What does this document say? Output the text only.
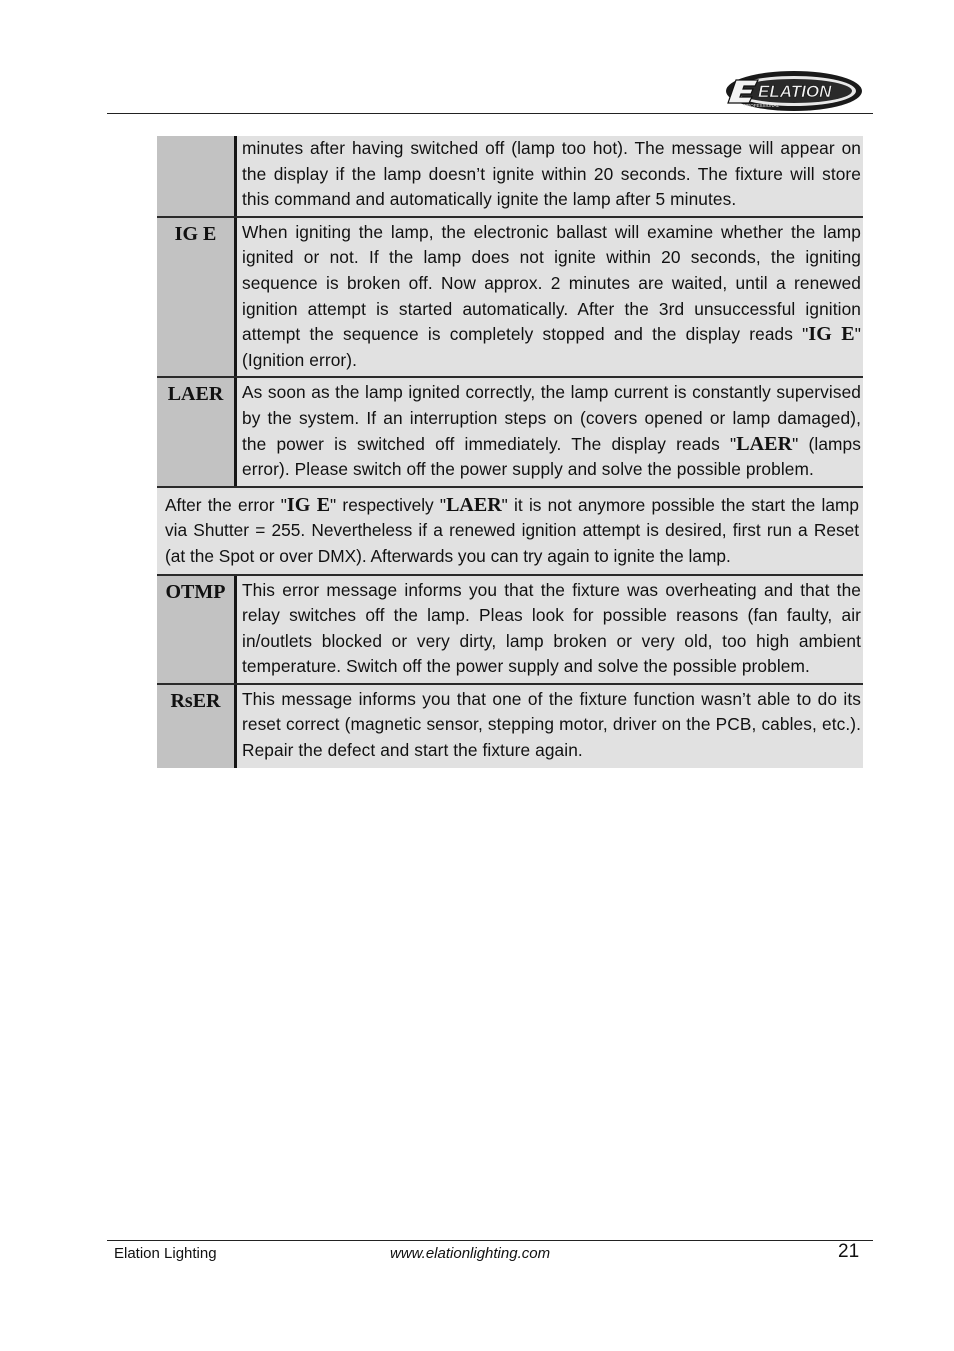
ELATION
PROFESSIONAL
minutes after having switched off (lamp too hot). The message will appear on the display if the lamp doesn’t ignite within 20 seconds. The fixture will store this command and automatically ignite the lamp after 5 minutes.
IG E	When igniting the lamp, the electronic ballast will examine whether the lamp ignited or not. If the lamp does not ignite within 20 seconds, the igniting sequence is broken off. Now approx. 2 minutes are waited, until a renewed ignition attempt is started automatically. After the 3rd unsuccessful ignition attempt the sequence is completely stopped and the display reads "IG E" (Ignition error).
LAER	As soon as the lamp ignited correctly, the lamp current is constantly supervised by the system. If an interruption steps on (covers opened or lamp damaged), the power is switched off immediately. The display reads "LAER" (lamps error). Please switch off the power supply and solve the possible problem.
After the error "IG E" respectively "LAER" it is not anymore possible the start the lamp via Shutter = 255. Nevertheless if a renewed ignition attempt is desired, first run a Reset (at the Spot or over DMX). Afterwards you can try again to ignite the lamp.
OTMP This error message informs you that the fixture was overheating and that the relay switches off the lamp. Pleas look for possible reasons (fan faulty, air in/outlets blocked or very dirty, lamp broken or very old, too high ambient temperature. Switch off the power supply and solve the possible problem.
RsER	This message informs you that one of the fixture function wasn’t able to do its reset correct (magnetic sensor, stepping motor, driver on the PCB, cables, etc.). Repair the defect and start the fixture again.
Elation Lighting	www.elationlighting.com	21
